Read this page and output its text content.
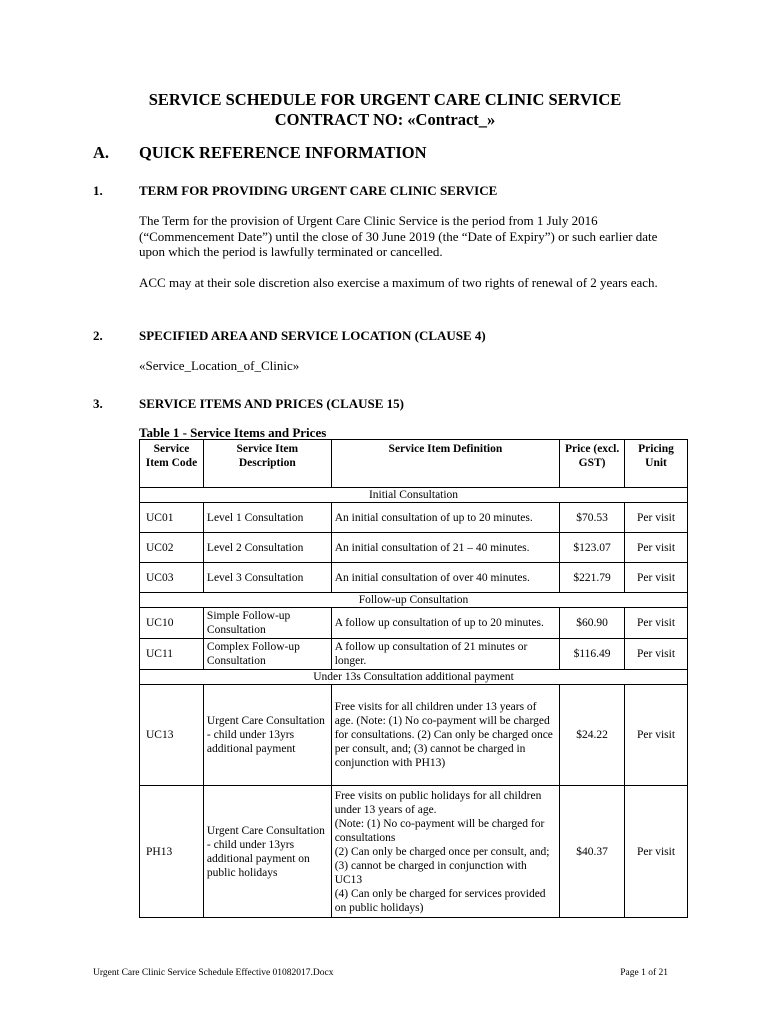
SERVICE SCHEDULE FOR URGENT CARE CLINIC SERVICE
CONTRACT NO: «Contract_»
A. QUICK REFERENCE INFORMATION
1.	TERM FOR PROVIDING URGENT CARE CLINIC SERVICE
The Term for the provision of Urgent Care Clinic Service is the period from 1 July 2016 (“Commencement Date”) until the close of 30 June 2019 (the “Date of Expiry”) or such earlier date upon which the period is lawfully terminated or cancelled.
ACC may at their sole discretion also exercise a maximum of two rights of renewal of 2 years each.
2.	SPECIFIED AREA AND SERVICE LOCATION (CLAUSE 4)
«Service_Location_of_Clinic»
3.	SERVICE ITEMS AND PRICES (CLAUSE 15)
Table 1 - Service Items and Prices
Service Item Code	Service Item Description	Service Item Definition	Price (excl. GST)	Pricing Unit
Initial Consultation				
UC01	Level 1 Consultation	An initial consultation of up to 20 minutes.	$70.53	Per visit
UC02	Level 2 Consultation	An initial consultation of 21 – 40 minutes.	$123.07	Per visit
UC03	Level 3 Consultation	An initial consultation of over 40 minutes.	$221.79	Per visit
Follow-up Consultation				
UC10	Simple Follow-up Consultation	A follow up consultation of up to 20 minutes.	$60.90	Per visit
UC11	Complex Follow-up Consultation	A follow up consultation of 21 minutes or longer.	$116.49	Per visit
Under 13s Consultation additional payment				
UC13	Urgent Care Consultation - child under 13yrs additional payment	Free visits for all children under 13 years of age. (Note: (1) No co-payment will be charged for consultations. (2) Can only be charged once per consult, and; (3) cannot be charged in conjunction with PH13)	$24.22	Per visit
PH13	Urgent Care Consultation - child under 13yrs additional payment on public holidays	Free visits on public holidays for all children under 13 years of age.
(Note: (1) No co-payment will be charged for consultations
(2) Can only be charged once per consult, and; (3) cannot be charged in conjunction with UC13
(4) Can only be charged for services provided on public holidays)	$40.37	Per visit
Urgent Care Clinic Service Schedule Effective 01082017.Docx	Page 1 of 21
